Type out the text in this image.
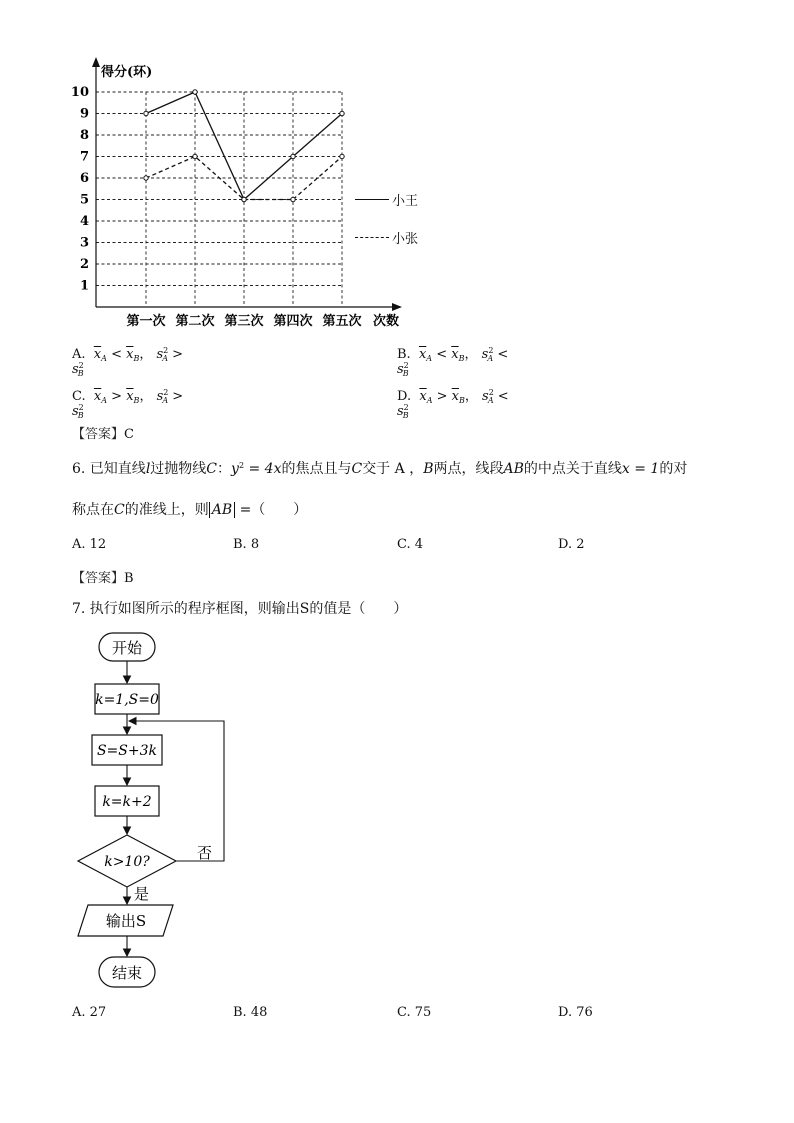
1
2
3
4
5
6
7
8
9
10
第一次 第二次 第三次 第四次 第五次
得分(环)
次数
小王
小张
A. $\overline{x}_A < \overline{x}_B$， $s^2_A > s^2_B$
B. $\overline{x}_A < \overline{x}_B$， $s^2_A < s^2_B$
C. $\overline{x}_A > \overline{x}_B$， $s^2_A > s^2_B$
D. $\overline{x}_A > \overline{x}_B$， $s^2_A < s^2_B$
【答案】C
6. 已知直线l过抛物线C：$y^2 = 4x$的焦点且与C交于 A ，B两点，线段AB的中点关于直线x = 1的对
称点在C的准线上，则 AB =（　　）
A. 12	B. 8	C. 4	D. 2
【答案】B
7. 执行如图所示的程序框图，则输出S的值是（　　）
开始
k=1,S=0
S=S+3k
k=k+2
k>10?	否
是
输出S
结束
A. 27	B. 48	C. 75	D. 76
